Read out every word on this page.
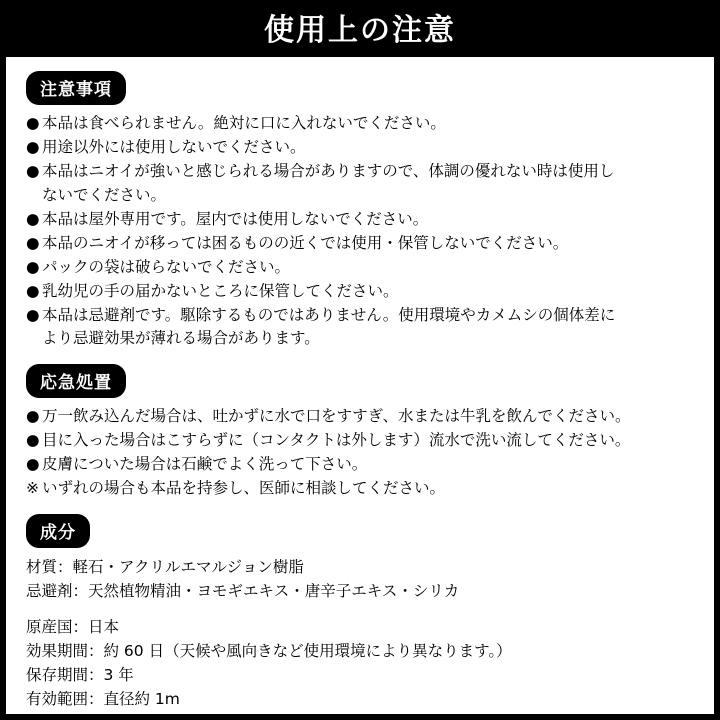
使用上の注意
注意事項
● 本品は食べられません。絶対に口に入れないでください。
● 用途以外には使用しないでください。
● 本品はニオイが強いと感じられる場合がありますので、体調の優れない時は使用し
ないでください。
● 本品は屋外専用です。屋内では使用しないでください。
● 本品のニオイが移っては困るものの近くでは使用・保管しないでください。
● パックの袋は破らないでください。
● 乳幼児の手の届かないところに保管してください。
● 本品は忌避剤です。駆除するものではありません。使用環境やカメムシの個体差に
より忌避効果が薄れる場合があります。
応急処置
● 万一飲み込んだ場合は、吐かずに水で口をすすぎ、水または牛乳を飲んでください。
● 目に入った場合はこすらずに（コンタクトは外します）流水で洗い流してください。
● 皮膚についた場合は石鹸でよく洗って下さい。
※ いずれの場合も本品を持参し、医師に相談してください。
成分
材質：軽石・アクリルエマルジョン樹脂
忌避剤：天然植物精油・ヨモギエキス・唐辛子エキス・シリカ
原産国：日本
効果期間：約 60 日（天候や風向きなど使用環境により異なります。）
保存期間：3 年
有効範囲：直径約 1m
